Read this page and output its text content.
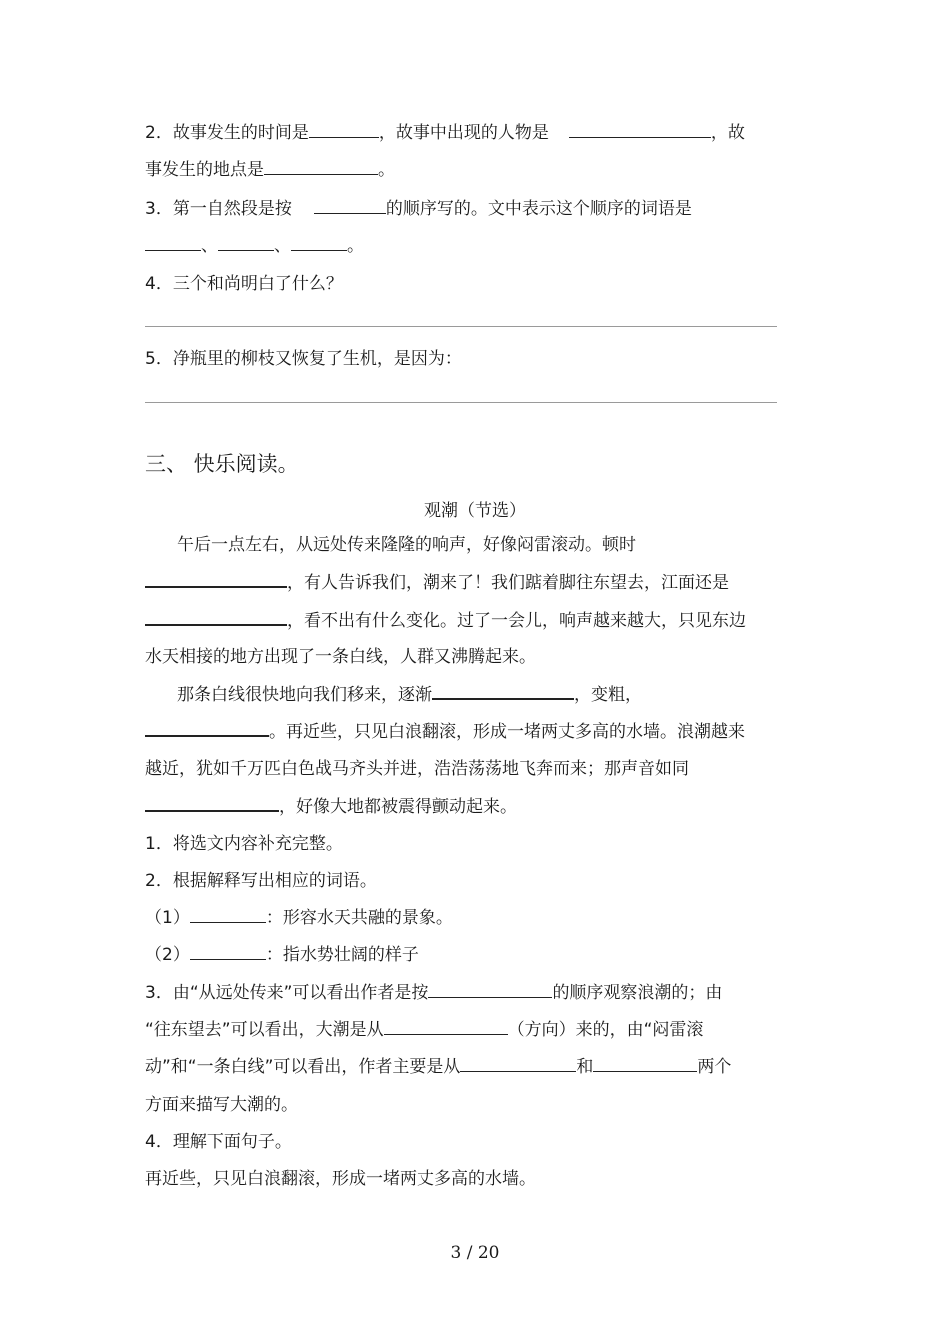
2．故事发生的时间是	，故事中出现的人物是	，故
事发生的地点是	。
3．第一自然段是按	的顺序写的。文中表示这个顺序的词语是
、	、	。
4．三个和尚明白了什么？
5．净瓶里的柳枝又恢复了生机，是因为：
三、 快乐阅读。
观潮（节选）
午后一点左右，从远处传来隆隆的响声，好像闷雷滚动。顿时
，有人告诉我们，潮来了！我们踮着脚往东望去，江面还是
，看不出有什么变化。过了一会儿，响声越来越大，只见东边
水天相接的地方出现了一条白线，人群又沸腾起来。
那条白线很快地向我们移来，逐渐	，变粗，
。再近些，只见白浪翻滚，形成一堵两丈多高的水墙。浪潮越来
越近，犹如千万匹白色战马齐头并进，浩浩荡荡地飞奔而来；那声音如同
，好像大地都被震得颤动起来。
1．将选文内容补充完整。
2．根据解释写出相应的词语。
（1）	：形容水天共融的景象。
（2）	：指水势壮阔的样子
3．由“从远处传来”可以看出作者是按	的顺序观察浪潮的；由
“往东望去”可以看出，大潮是从	（方向）来的，由“闷雷滚
动”和“一条白线”可以看出，作者主要是从	和	两个
方面来描写大潮的。
4．理解下面句子。
再近些，只见白浪翻滚，形成一堵两丈多高的水墙。
3 / 20
